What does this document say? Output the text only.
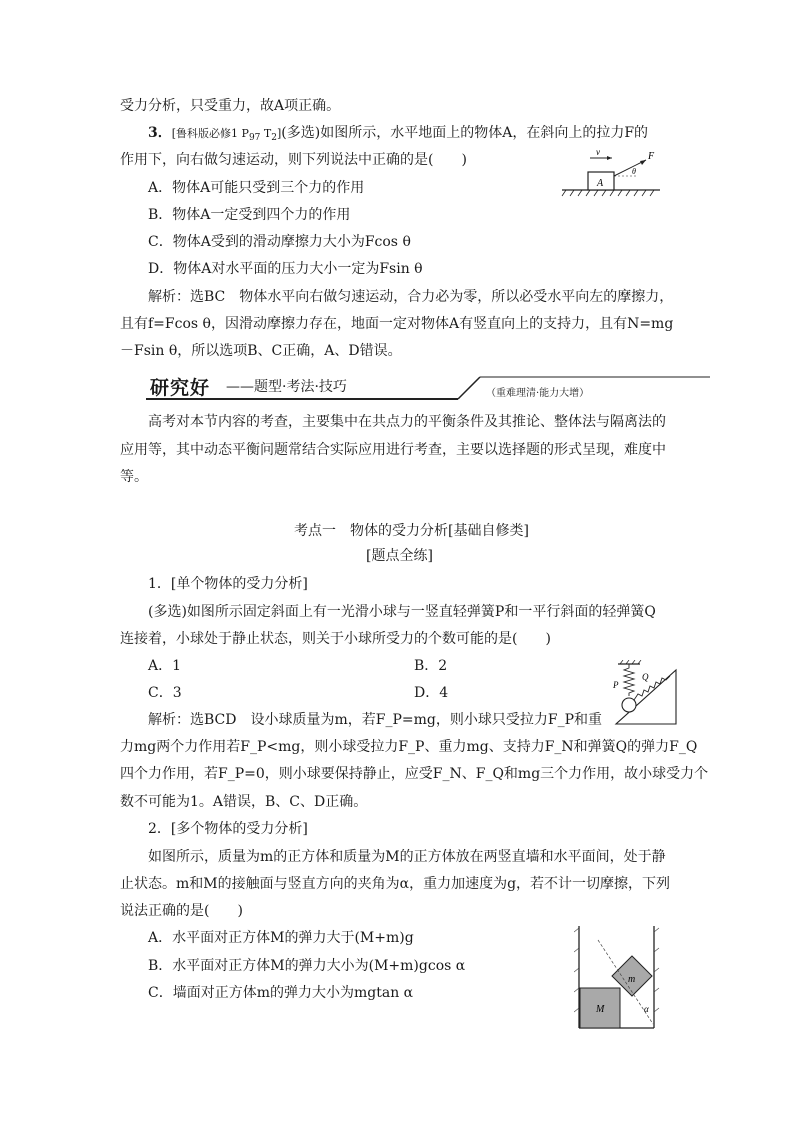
受力分析，只受重力，故A项正确。
3．[鲁科版必修1 $P_{97}$ $T_2$](多选)如图所示，水平地面上的物体A，在斜向上的拉力F的
作用下，向右做匀速运动，则下列说法中正确的是(　　)
A．物体A可能只受到三个力的作用
B．物体A一定受到四个力的作用
C．物体A受到的滑动摩擦力大小为Fcos θ
D．物体A对水平面的压力大小一定为Fsin θ
解析：选BC　物体水平向右做匀速运动，合力必为零，所以必受水平向左的摩擦力，
且有f=Fcos θ，因滑动摩擦力存在，地面一定对物体A有竖直向上的支持力，且有N=mg
－Fsin θ，所以选项B、C正确，A、D错误。
A
v	F
θ
研究好 ——题型·考法·技巧	（重难理清·能力大增）
高考对本节内容的考查，主要集中在共点力的平衡条件及其推论、整体法与隔离法的
应用等，其中动态平衡问题常结合实际应用进行考查，主要以选择题的形式呈现，难度中
等。
考点一　物体的受力分析[基础自修类]
[题点全练]
1．[单个物体的受力分析]
(多选)如图所示固定斜面上有一光滑小球与一竖直轻弹簧P和一平行斜面的轻弹簧Q
连接着，小球处于静止状态，则关于小球所受力的个数可能的是(　　)
A．1	B．2
C．3	D．4
解析：选BCD　设小球质量为m，若F_P=mg，则小球只受拉力F_P和重
力mg两个力作用若F_P<mg，则小球受拉力F_P、重力mg、支持力F_N和弹簧Q的弹力F_Q
四个力作用，若F_P=0，则小球要保持静止，应受F_N、F_Q和mg三个力作用，故小球受力个
数不可能为1。A错误，B、C、D正确。
P
Q
2．[多个物体的受力分析]
如图所示，质量为m的正方体和质量为M的正方体放在两竖直墙和水平面间，处于静
止状态。m和M的接触面与竖直方向的夹角为α，重力加速度为g，若不计一切摩擦，下列
说法正确的是(　　)
A．水平面对正方体M的弹力大于(M+m)g
B．水平面对正方体M的弹力大小为(M+m)gcos α
C．墙面对正方体m的弹力大小为mgtan α
M
m
α
